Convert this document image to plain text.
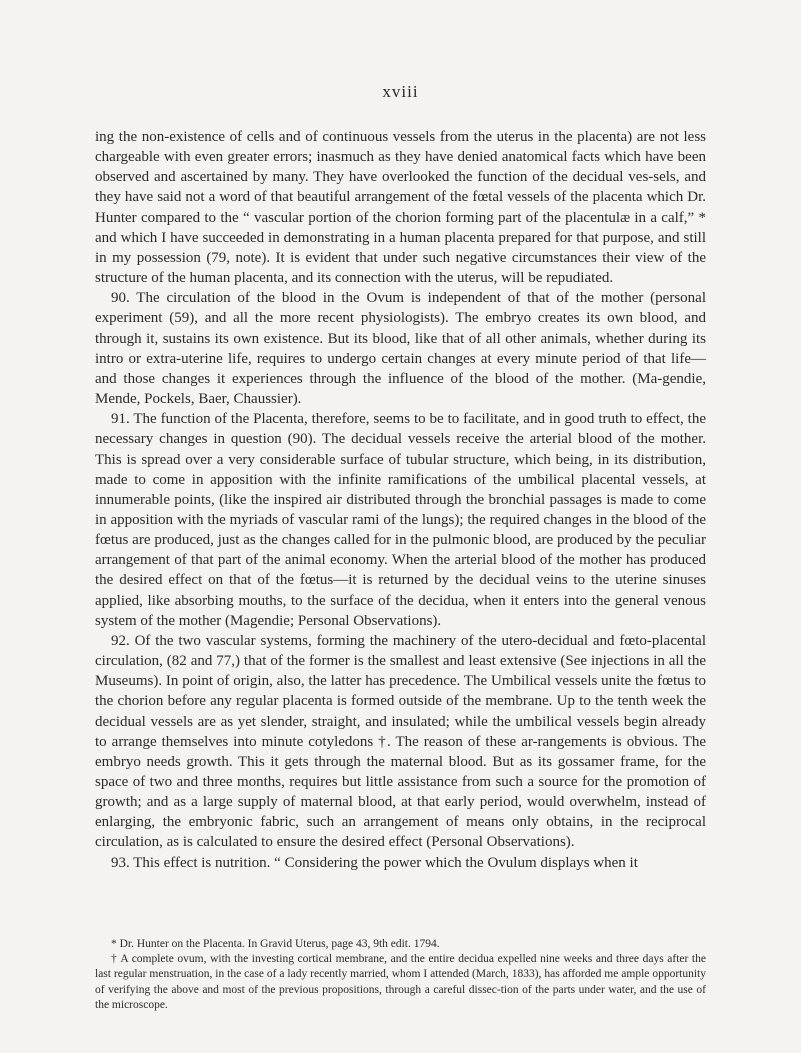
xviii

ing the non-existence of cells and of continuous vessels from the uterus in the placenta) are not less chargeable with even greater errors; inasmuch as they have denied anatomical facts which have been observed and ascertained by many. They have overlooked the function of the decidual ves-sels, and they have said not a word of that beautiful arrangement of the fœtal vessels of the placenta which Dr. Hunter compared to the “ vascular portion of the chorion forming part of the placentulæ in a calf,” * and which I have succeeded in demonstrating in a human placenta prepared for that purpose, and still in my possession (79, note). It is evident that under such negative circumstances their view of the structure of the human placenta, and its connection with the uterus, will be repudiated.

90. The circulation of the blood in the Ovum is independent of that of the mother (personal experiment (59), and all the more recent physiologists). The embryo creates its own blood, and through it, sustains its own existence. But its blood, like that of all other animals, whether during its intro or extra-uterine life, requires to undergo certain changes at every minute period of that life—and those changes it experiences through the influence of the blood of the mother. (Ma-gendie, Mende, Pockels, Baer, Chaussier).

91. The function of the Placenta, therefore, seems to be to facilitate, and in good truth to effect, the necessary changes in question (90). The decidual vessels receive the arterial blood of the mother. This is spread over a very considerable surface of tubular structure, which being, in its distribution, made to come in apposition with the infinite ramifications of the umbilical placental vessels, at innumerable points, (like the inspired air distributed through the bronchial passages is made to come in apposition with the myriads of vascular rami of the lungs); the required changes in the blood of the fœtus are produced, just as the changes called for in the pulmonic blood, are produced by the peculiar arrangement of that part of the animal economy. When the arterial blood of the mother has produced the desired effect on that of the fœtus—it is returned by the decidual veins to the uterine sinuses applied, like absorbing mouths, to the surface of the decidua, when it enters into the general venous system of the mother (Magendie; Personal Observations).

92. Of the two vascular systems, forming the machinery of the utero-decidual and fœto-placental circulation, (82 and 77,) that of the former is the smallest and least extensive (See injections in all the Museums). In point of origin, also, the latter has precedence. The Umbilical vessels unite the fœtus to the chorion before any regular placenta is formed outside of the membrane. Up to the tenth week the decidual vessels are as yet slender, straight, and insulated; while the umbilical vessels begin already to arrange themselves into minute cotyledons †. The reason of these ar-rangements is obvious. The embryo needs growth. This it gets through the maternal blood. But as its gossamer frame, for the space of two and three months, requires but little assistance from such a source for the promotion of growth; and as a large supply of maternal blood, at that early period, would overwhelm, instead of enlarging, the embryonic fabric, such an arrangement of means only obtains, in the reciprocal circulation, as is calculated to ensure the desired effect (Personal Observations).

93. This effect is nutrition. “ Considering the power which the Ovulum displays when it

* Dr. Hunter on the Placenta. In Gravid Uterus, page 43, 9th edit. 1794.

† A complete ovum, with the investing cortical membrane, and the entire decidua expelled nine weeks and three days after the last regular menstruation, in the case of a lady recently married, whom I attended (March, 1833), has afforded me ample opportunity of verifying the above and most of the previous propositions, through a careful dissec-tion of the parts under water, and the use of the microscope.
